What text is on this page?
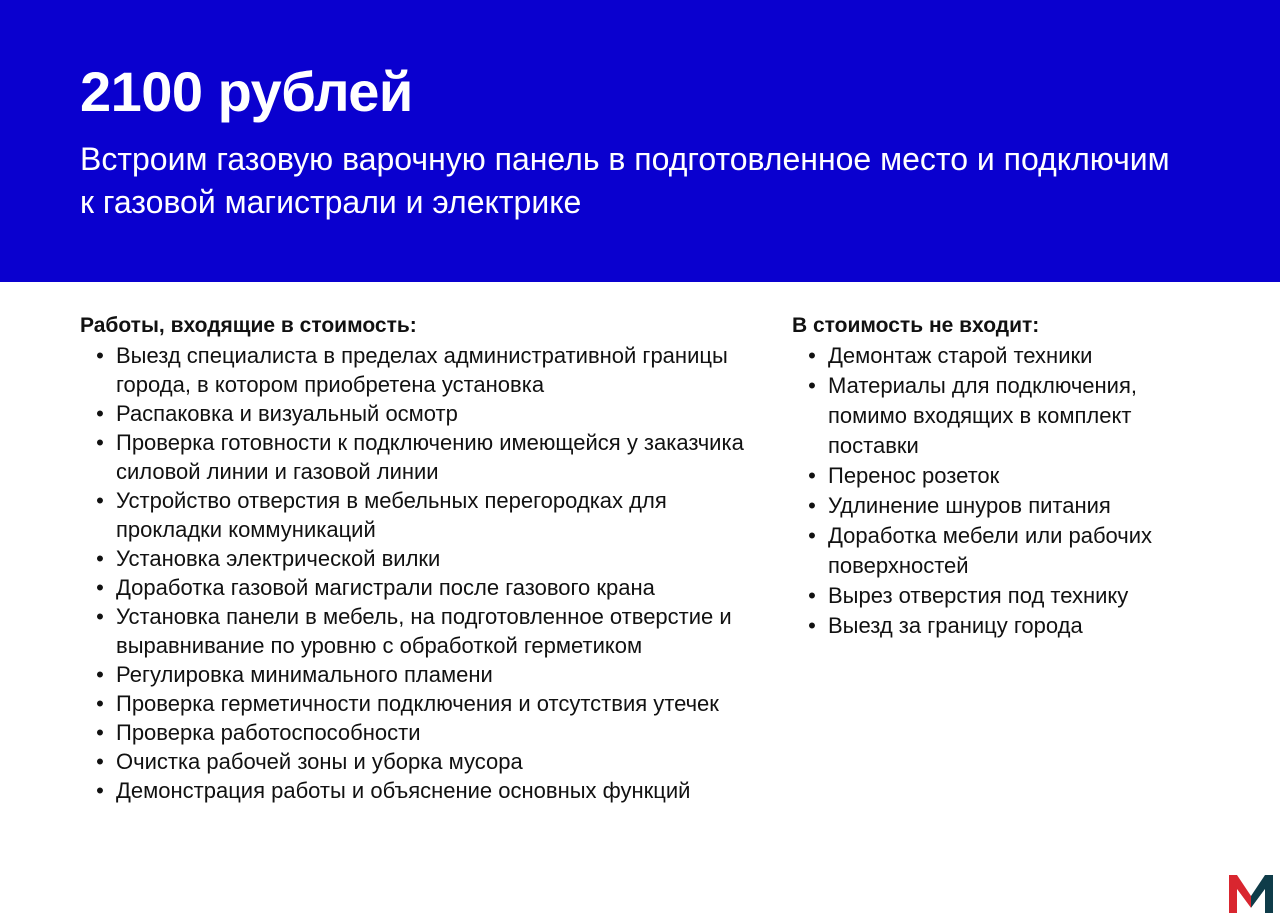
2100 рублей

Встроим газовую варочную панель в подготовленное место и подключим к газовой магистрали и электрике

Работы, входящие в стоимость:
• Выезд специалиста в пределах административной границы города, в котором приобретена установка
• Распаковка и визуальный осмотр
• Проверка готовности к подключению имеющейся у заказчика силовой линии и газовой линии
• Устройство отверстия в мебельных перегородках для прокладки коммуникаций
• Установка электрической вилки
• Доработка газовой магистрали после газового крана
• Установка панели в мебель, на подготовленное отверстие и выравнивание по уровню с обработкой герметиком
• Регулировка минимального пламени
• Проверка герметичности подключения и отсутствия утечек
• Проверка работоспособности
• Очистка рабочей зоны и уборка мусора
• Демонстрация работы и объяснение основных функций
В стоимость не входит:
• Демонтаж старой техники
• Материалы для подключения, помимо входящих в комплект поставки
• Перенос розеток
• Удлинение шнуров питания
• Доработка мебели или рабочих поверхностей
• Вырез отверстия под технику
• Выезд за границу города
